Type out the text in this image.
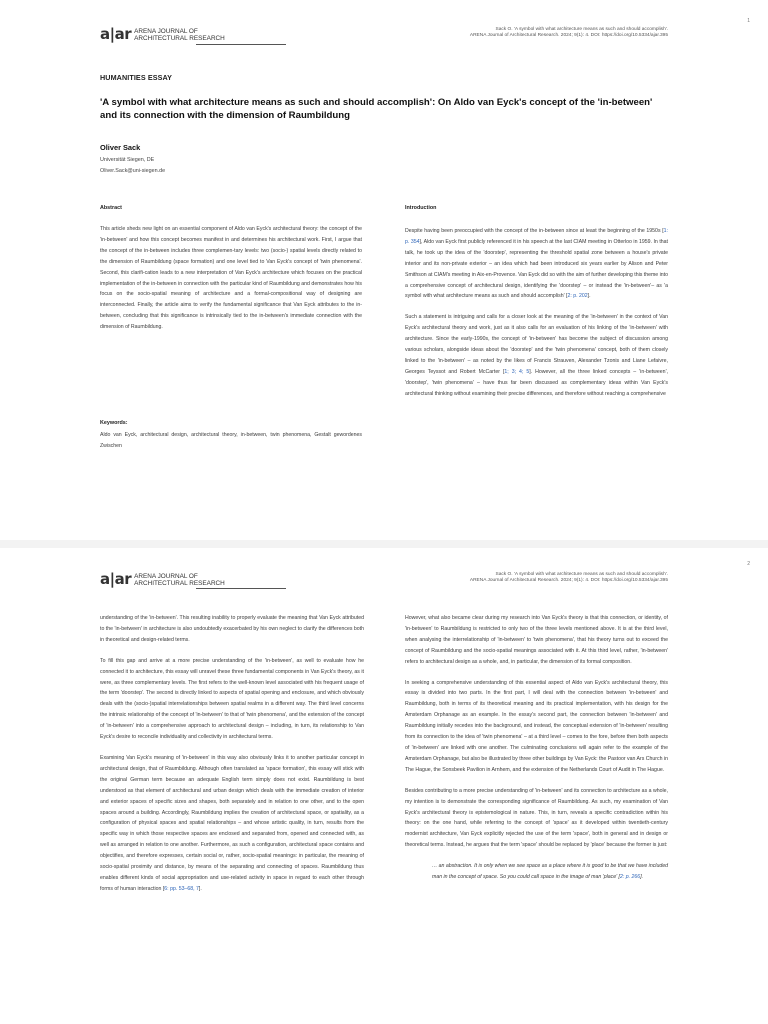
1
a|ar ARENA JOURNAL OF
ARCHITECTURAL RESEARCH
Sack O. 'A symbol with what architecture means as such and should accomplish'.
ARENA Journal of Architectural Research. 2024; 9(1): 4. DOI: https://doi.org/10.5334/ajar.395
HUMANITIES ESSAY
'A symbol with what architecture means as such and should accomplish': On Aldo van Eyck's concept of the 'in-between' and its connection with the dimension of Raumbildung
Oliver Sack
Universität Siegen, DE
Oliver.Sack@uni-siegen.de
Abstract
This article sheds new light on an essential component of Aldo van Eyck's architectural theory: the concept of the 'in-between' and how this concept becomes manifest in and determines his architectural work. First, I argue that the concept of the in-between includes three complemen-tary levels: two (socio-) spatial levels directly related to the dimension of Raumbildung (space formation) and one level tied to Van Eyck's concept of 'twin phenomena'. Second, this clarifi-cation leads to a new interpretation of Van Eyck's architecture which focuses on the practical implementation of the in-between in connection with the particular kind of Raumbildung and demonstrates how his focus on the socio-spatial meaning of architecture and a formal-compositional way of designing are interconnected. Finally, the article aims to verify the fundamental significance that Van Eyck attributes to the in-between, concluding that this significance is intrinsically tied to the in-between's immediate connection with the dimension of Raumbildung.
Keywords:
Aldo van Eyck, architectural design, architectural theory, in-between, twin phenomena, Gestalt gewordenes Zwischen
Introduction

Despite having been preoccupied with the concept of the in-between since at least the beginning of the 1950s [1: p. 354], Aldo van Eyck first publicly referenced it in his speech at the last CIAM meeting in Otterloo in 1959. In that talk, he took up the idea of the 'doorstep', representing the threshold spatial zone between a house's private interior and its non-private exterior – an idea which had been introduced six years earlier by Alison and Peter Smithson at CIAM's meeting in Aix-en-Provence. Van Eyck did so with the aim of further developing this theme into a comprehensive concept of architectural design, identifying the 'doorstep' – or instead the 'in-between'– as 'a symbol with what architecture means as such and should accomplish' [2: p. 202].

Such a statement is intriguing and calls for a closer look at the meaning of the 'in-between' in the context of Van Eyck's architectural theory and work, just as it also calls for an evaluation of his linking of the 'in-between' with architecture. Since the early-1990s, the concept of 'in-between' has become the subject of discussion among various scholars, alongside ideas about the 'doorstep' and the 'twin phenomena' concept, both of them closely linked to the 'in-between' – as noted by the likes of Francis Strauven, Alexander Tzonis and Liane Lefaivre, Georges Teyssot and Robert McCarter [1; 3; 4; 5]. However, all the three linked concepts – 'in-between', 'doorstep', 'twin phenomena' – have thus far been discussed as complementary ideas within Van Eyck's architectural thinking without examining their precise differences, and therefore without reaching a comprehensive

2
a|ar ARENA JOURNAL OF
ARCHITECTURAL RESEARCH
Sack O. 'A symbol with what architecture means as such and should accomplish'.
ARENA Journal of Architectural Research. 2024; 9(1): 4. DOI: https://doi.org/10.5334/ajar.395

understanding of the 'in-between'. This resulting inability to properly evaluate the meaning that Van Eyck attributed to the 'in-between' in architecture is also undoubtedly exacerbated by his own neglect to clarify the differences both in theoretical and design-related terms.

To fill this gap and arrive at a more precise understanding of the 'in-between', as well to evaluate how he connected it to architecture, this essay will unravel these three fundamental components in Van Eyck's theory, as it were, as three complementary levels. The first refers to the well-known level associated with his frequent usage of the term 'doorstep'. The second is directly linked to aspects of spatial opening and enclosure, and which obviously deals with the (socio-)spatial interrelationships between spatial realms in a different way. The third level concerns the intrinsic relationship of the concept of 'in-between' to that of 'twin phenomena', and the extension of the concept of 'in-between' into a comprehensive approach to architectural design – including, in turn, its relationship to Van Eyck's desire to reconcile individuality and collectivity in architectural terms.

Examining Van Eyck's meaning of 'in-between' in this way also obviously links it to another particular concept in architectural design, that of Raumbildung. Although often translated as 'space formation', this essay will stick with the original German term because an adequate English term simply does not exist. Raumbildung is best understood as that element of architectural and urban design which deals with the immediate creation of interior and exterior spaces of specific sizes and shapes, both separately and in relation to one other, and to the open spaces around a building. Accordingly, Raumbildung implies the creation of architectural space, or spatiality, as a configuration of physical spaces and spatial relationships – and whose artistic quality, in turn, results from the specific way in which those respective spaces are enclosed and separated from, opened and connected with, as well as arranged in relation to one another. Furthermore, as such a configuration, architectural space contains and objectifies, and therefore expresses, certain social or, rather, socio-spatial meanings: in particular, the meaning of socio-spatial proximity and distance, by means of the separating and connecting of spaces. Raumbildung thus enables different kinds of social appropriation and use-related activity in space in regard to each other through forms of human interaction [6: pp. 53–68, 7].

However, what also became clear during my research into Van Eyck's theory is that this connection, or identity, of 'in-between' to Raumbildung is restricted to only two of the three levels mentioned above. It is at the third level, when analysing the interrelationship of 'in-between' to 'twin phenomena', that his theory turns out to exceed the concept of Raumbildung and the socio-spatial meanings associated with it. At this third level, rather, 'in-between' refers to architectural design as a whole, and, in particular, the dimension of its formal composition.

In seeking a comprehensive understanding of this essential aspect of Aldo van Eyck's architectural theory, this essay is divided into two parts. In the first part, I will deal with the connection between 'in-between' and Raumbildung, both in terms of its theoretical meaning and its practical implementation, with his design for the Amsterdam Orphanage as an example. In the essay's second part, the connection between 'in-between' and Raumbildung initially recedes into the background, and instead, the conceptual extension of 'in-between' resulting from its connection to the idea of 'twin phenomena' – at a third level – comes to the fore, before then both aspects of 'in-between' are linked with one another. The culminating conclusions will again refer to the example of the Amsterdam Orphanage, but also be illustrated by three other buildings by Van Eyck: the Pastoor van Ars Church in The Hague, the Sonsbeek Pavilion in Arnhem, and the extension of the Netherlands Court of Audit in The Hague.

Besides contributing to a more precise understanding of 'in-between' and its connection to architecture as a whole, my intention is to demonstrate the corresponding significance of Raumbildung. As such, my examination of Van Eyck's architectural theory is epistemological in nature. This, in turn, reveals a specific contradiction within his theory: on the one hand, while referring to the concept of 'space' as it developed within twentieth-century modernist architecture, Van Eyck explicitly rejected the use of the term 'space', both in general and in design or theoretical terms. Instead, he argues that the term 'space' should be replaced by 'place' because the former is just:

… an abstraction. It is only when we see space as a place where it is good to be that we have included man in the concept of space. So you could call space in the image of man 'place' [2: p. 266].
